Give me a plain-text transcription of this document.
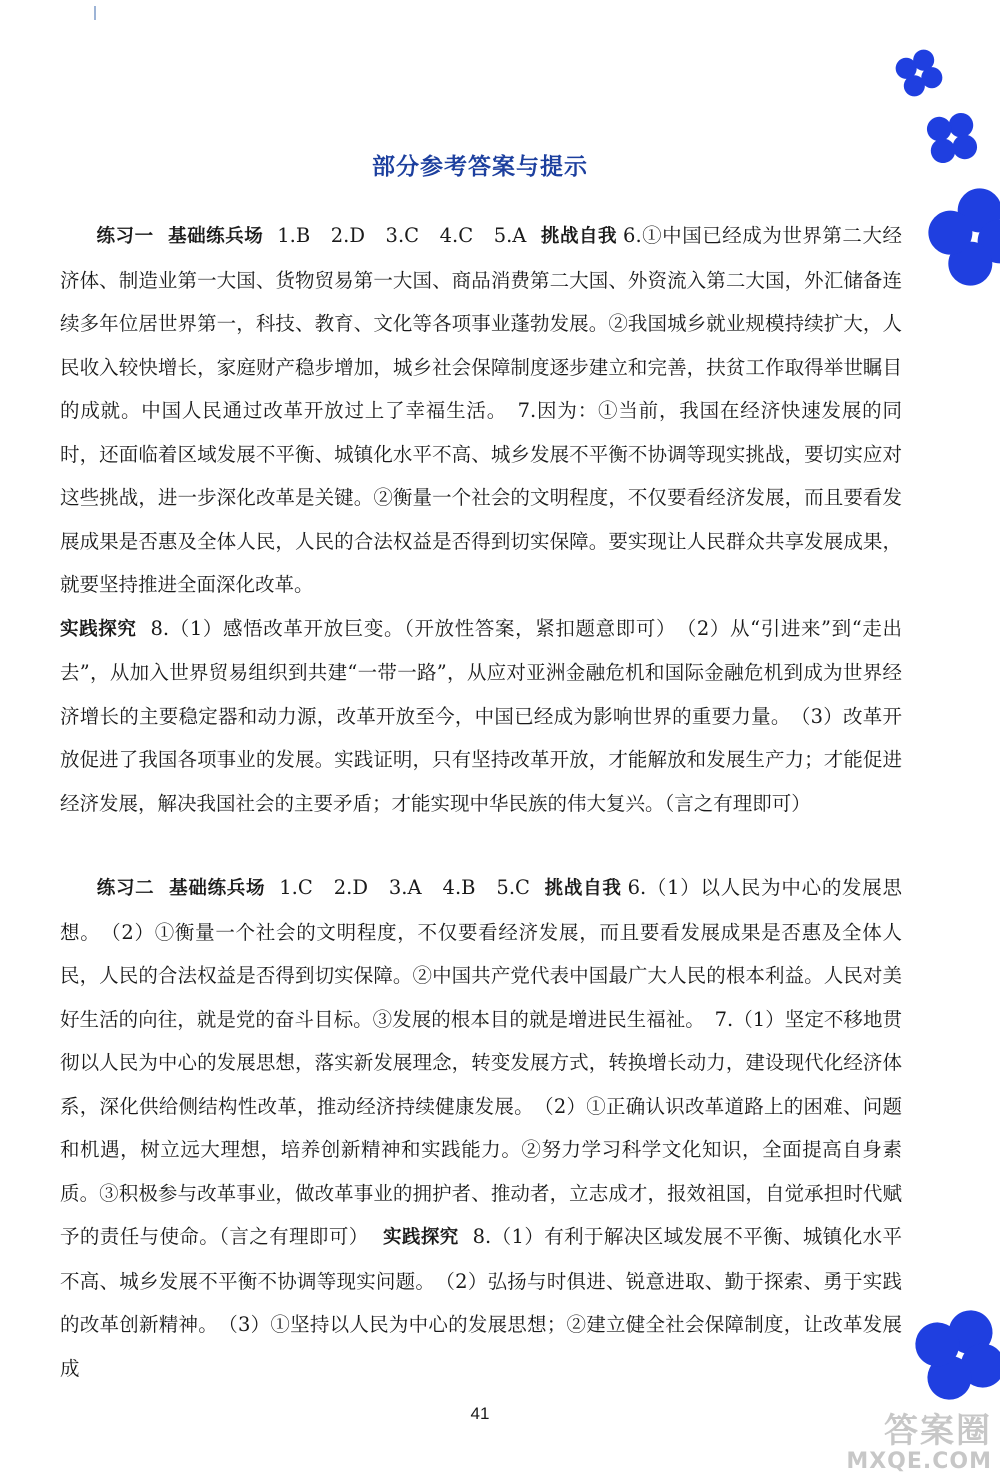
部分参考答案与提示
练习一 基础练兵场 1.B　2.D　3.C　4.C　5.A 挑战自我 6.①中国已经成为世界第二大经济体、制造业第一大国、货物贸易第一大国、商品消费第二大国、外资流入第二大国，外汇储备连续多年位居世界第一，科技、教育、文化等各项事业蓬勃发展。②我国城乡就业规模持续扩大，人民收入较快增长，家庭财产稳步增加，城乡社会保障制度逐步建立和完善，扶贫工作取得举世瞩目的成就。中国人民通过改革开放过上了幸福生活。　7.因为：①当前，我国在经济快速发展的同时，还面临着区域发展不平衡、城镇化水平不高、城乡发展不平衡不协调等现实挑战，要切实应对这些挑战，进一步深化改革是关键。②衡量一个社会的文明程度，不仅要看经济发展，而且要看发展成果是否惠及全体人民，人民的合法权益是否得到切实保障。要实现让人民群众共享发展成果，就要坚持推进全面深化改革。
实践探究 8.（1）感悟改革开放巨变。（开放性答案，紧扣题意即可）　（2）从“引进来”到“走出去”，从加入世界贸易组织到共建“一带一路”，从应对亚洲金融危机和国际金融危机到成为世界经济增长的主要稳定器和动力源，改革开放至今，中国已经成为影响世界的重要力量。　（3）改革开放促进了我国各项事业的发展。实践证明，只有坚持改革开放，才能解放和发展生产力；才能促进经济发展，解决我国社会的主要矛盾；才能实现中华民族的伟大复兴。（言之有理即可）
练习二 基础练兵场 1.C　2.D　3.A　4.B　5.C 挑战自我 6.（1）以人民为中心的发展思想。　（2）①衡量一个社会的文明程度，不仅要看经济发展，而且要看发展成果是否惠及全体人民，人民的合法权益是否得到切实保障。②中国共产党代表中国最广大人民的根本利益。人民对美好生活的向往，就是党的奋斗目标。③发展的根本目的就是增进民生福祉。　7.（1）坚定不移地贯彻以人民为中心的发展思想，落实新发展理念，转变发展方式，转换增长动力，建设现代化经济体系，深化供给侧结构性改革，推动经济持续健康发展。　（2）①正确认识改革道路上的困难、问题和机遇，树立远大理想，培养创新精神和实践能力。②努力学习科学文化知识，全面提高自身素质。③积极参与改革事业，做改革事业的拥护者、推动者，立志成才，报效祖国，自觉承担时代赋予的责任与使命。（言之有理即可） 实践探究 8.（1）有利于解决区域发展不平衡、城镇化水平不高、城乡发展不平衡不协调等现实问题。　（2）弘扬与时俱进、锐意进取、勤于探索、勇于实践的改革创新精神。　（3）①坚持以人民为中心的发展思想；②建立健全社会保障制度，让改革发展成
41	答案圈
MXQE.COM
